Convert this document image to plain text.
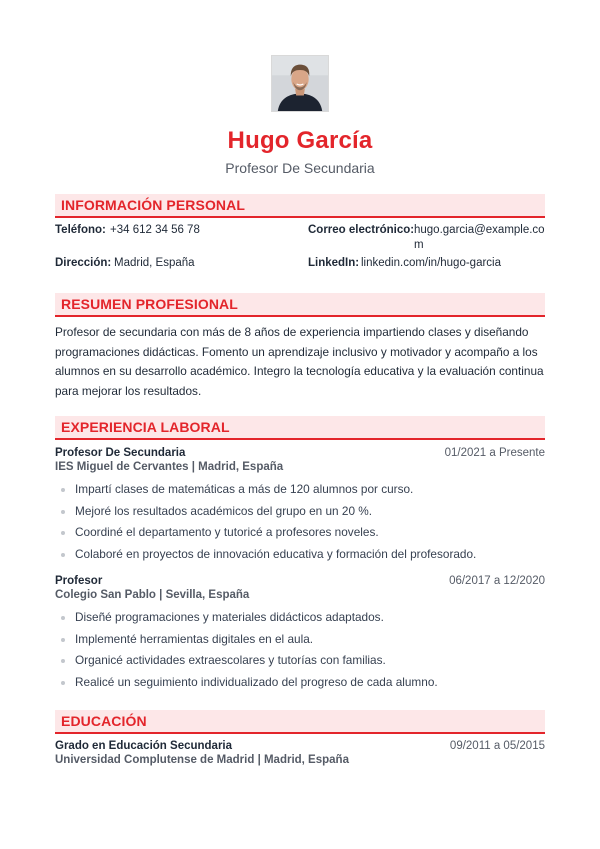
Hugo García
Profesor De Secundaria
INFORMACIÓN PERSONAL
Teléfono: +34 612 34 56 78	Correo electrónico: hugo.garcia@example.co
m
Dirección: Madrid, España	LinkedIn: linkedin.com/in/hugo-garcia
RESUMEN PROFESIONAL
Profesor de secundaria con más de 8 años de experiencia impartiendo clases y diseñando programaciones didácticas. Fomento un aprendizaje inclusivo y motivador y acompaño a los alumnos en su desarrollo académico. Integro la tecnología educativa y la evaluación continua para mejorar los resultados.
EXPERIENCIA LABORAL
Profesor De Secundaria	01/2021 a Presente
IES Miguel de Cervantes | Madrid, España
Impartí clases de matemáticas a más de 120 alumnos por curso.
Mejoré los resultados académicos del grupo en un 20 %.
Coordiné el departamento y tutoricé a profesores noveles.
Colaboré en proyectos de innovación educativa y formación del profesorado.
Profesor	06/2017 a 12/2020
Colegio San Pablo | Sevilla, España
Diseñé programaciones y materiales didácticos adaptados.
Implementé herramientas digitales en el aula.
Organicé actividades extraescolares y tutorías con familias.
Realicé un seguimiento individualizado del progreso de cada alumno.
EDUCACIÓN
Grado en Educación Secundaria	09/2011 a 05/2015
Universidad Complutense de Madrid | Madrid, España
